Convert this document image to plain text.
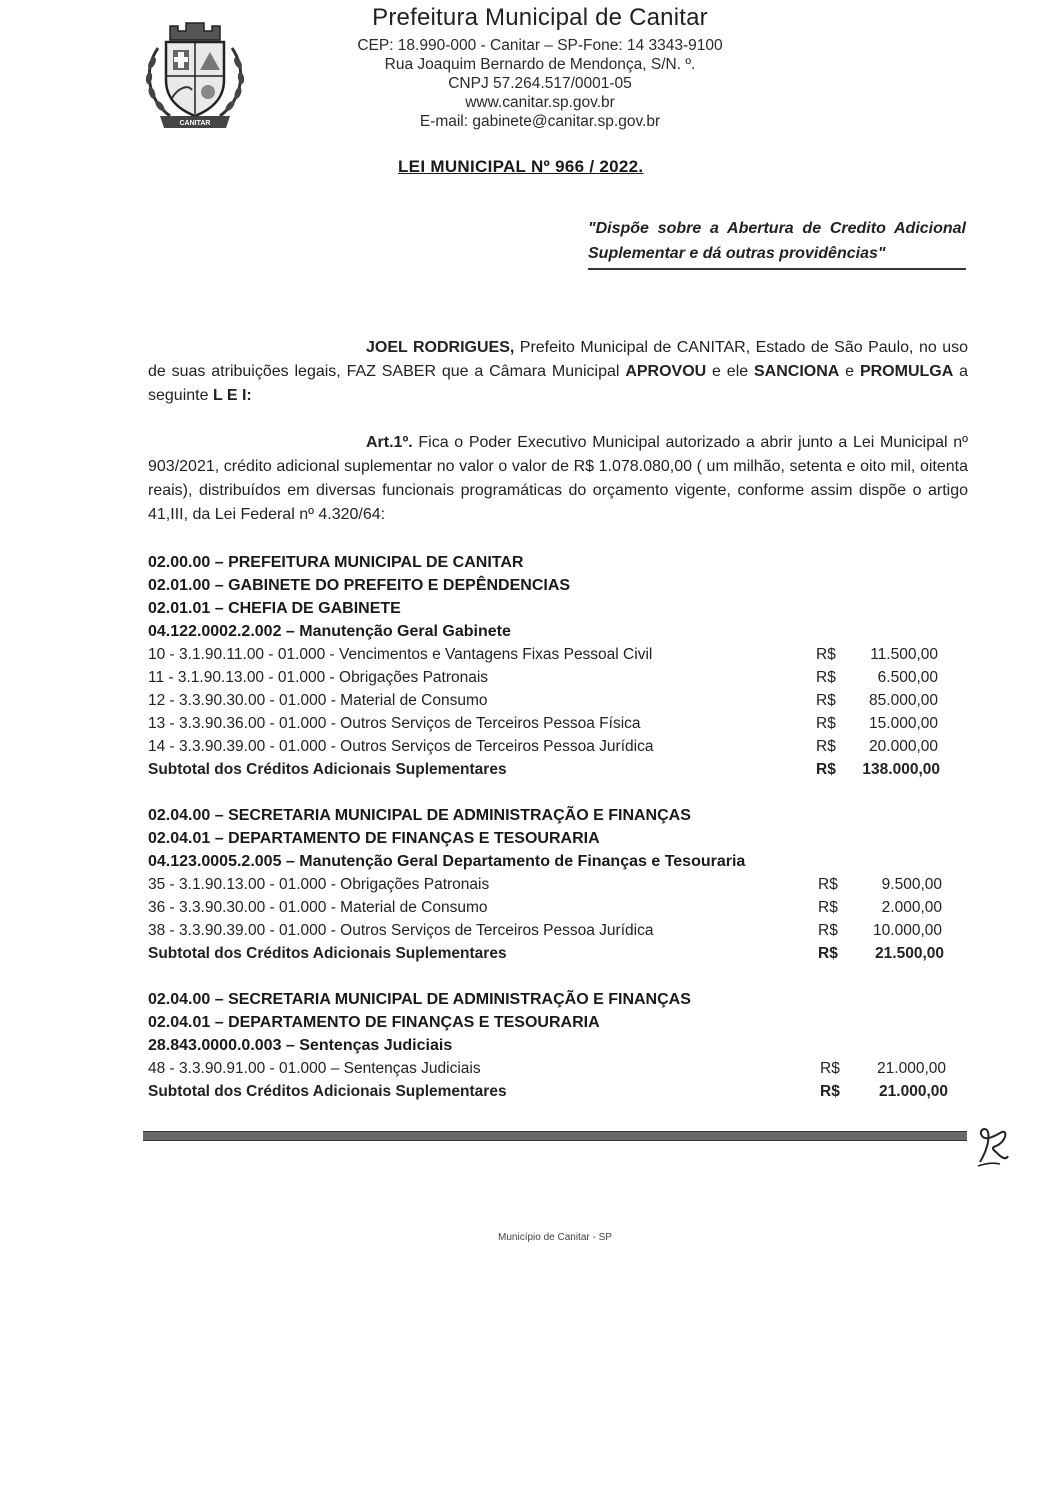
CANITAR

Prefeitura Municipal de Canitar

CEP: 18.990-000 - Canitar – SP-Fone: 14 3343-9100

Rua Joaquim Bernardo de Mendonça, S/N. º.

CNPJ 57.264.517/0001-05

www.canitar.sp.gov.br

E-mail: gabinete@canitar.sp.gov.br

LEI MUNICIPAL Nº 966 / 2022.
"Dispõe sobre a Abertura de Credito Adicional Suplementar e dá outras providências"
JOEL RODRIGUES, Prefeito Municipal de CANITAR, Estado de São Paulo, no uso de suas atribuições legais, FAZ SABER que a Câmara Municipal APROVOU e ele SANCIONA e PROMULGA a seguinte L E I:
Art.1º. Fica o Poder Executivo Municipal autorizado a abrir junto a Lei Municipal nº 903/2021, crédito adicional suplementar no valor o valor de R$ 1.078.080,00 ( um milhão, setenta e oito mil, oitenta reais), distribuídos em diversas funcionais programáticas do orçamento vigente, conforme assim dispõe o artigo 41,III, da Lei Federal nº 4.320/64:
02.00.00 – PREFEITURA MUNICIPAL DE CANITAR
02.01.00 – GABINETE DO PREFEITO E DEPÊNDENCIAS
02.01.01 – CHEFIA DE GABINETE
04.122.0002.2.002 – Manutenção Geral Gabinete
10 - 3.1.90.11.00 - 01.000 - Vencimentos e Vantagens Fixas Pessoal Civil	R$	11.500,00
11 - 3.1.90.13.00 - 01.000 - Obrigações Patronais	R$	6.500,00
12 - 3.3.90.30.00 - 01.000 - Material de Consumo	R$	85.000,00
13 - 3.3.90.36.00 - 01.000 - Outros Serviços de Terceiros Pessoa Física	R$	15.000,00
14 - 3.3.90.39.00 - 01.000 - Outros Serviços de Terceiros Pessoa Jurídica	R$	20.000,00
Subtotal dos Créditos Adicionais Suplementares	R$	138.000,00
02.04.00 – SECRETARIA MUNICIPAL DE ADMINISTRAÇÃO E FINANÇAS
02.04.01 – DEPARTAMENTO DE FINANÇAS E TESOURARIA
04.123.0005.2.005 – Manutenção Geral Departamento de Finanças e Tesouraria
35 - 3.1.90.13.00 - 01.000 - Obrigações Patronais	R$	9.500,00
36 - 3.3.90.30.00 - 01.000 - Material de Consumo	R$	2.000,00
38 - 3.3.90.39.00 - 01.000 - Outros Serviços de Terceiros Pessoa Jurídica	R$	10.000,00
Subtotal dos Créditos Adicionais Suplementares	R$	21.500,00
02.04.00 – SECRETARIA MUNICIPAL DE ADMINISTRAÇÃO E FINANÇAS
02.04.01 – DEPARTAMENTO DE FINANÇAS E TESOURARIA
28.843.0000.0.003 – Sentenças Judiciais
48 - 3.3.90.91.00 - 01.000 – Sentenças Judiciais	R$	21.000,00
Subtotal dos Créditos Adicionais Suplementares	R$	21.000,00
Município de Canitar - SP
